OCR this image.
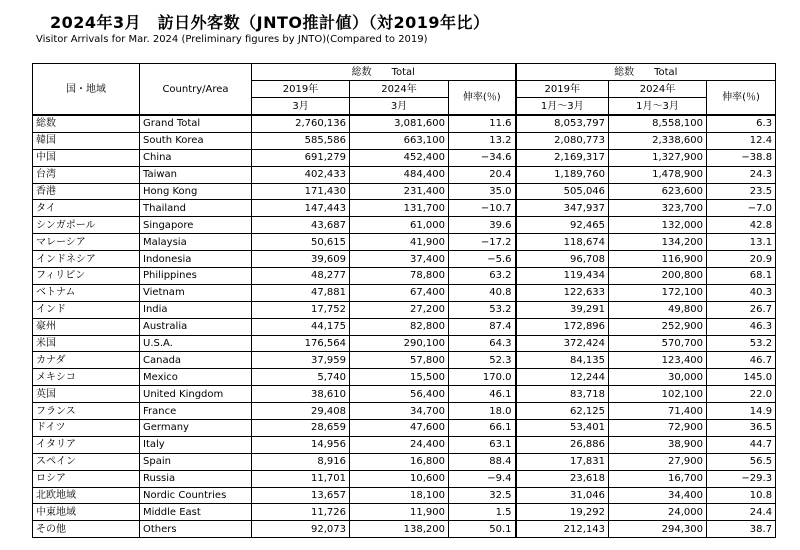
2024年3月　訪日外客数（JNTO推計値）（対2019年比）
Visitor Arrivals for Mar. 2024 (Preliminary figures by JNTO)(Compared to 2019)
国・地域	Country/Area	総数　　Total			総数　　Total		
		2019年	2024年	伸率(％)	2019年	2024年	伸率(％)
		3月	3月		1月～3月	1月～3月	
総数	Grand Total	2,760,136	3,081,600	11.6	8,053,797	8,558,100	6.3
韓国	South Korea	585,586	663,100	13.2	2,080,773	2,338,600	12.4
中国	China	691,279	452,400	−34.6	2,169,317	1,327,900	−38.8
台湾	Taiwan	402,433	484,400	20.4	1,189,760	1,478,900	24.3
香港	Hong Kong	171,430	231,400	35.0	505,046	623,600	23.5
タイ	Thailand	147,443	131,700	−10.7	347,937	323,700	−7.0
シンガポール	Singapore	43,687	61,000	39.6	92,465	132,000	42.8
マレーシア	Malaysia	50,615	41,900	−17.2	118,674	134,200	13.1
インドネシア	Indonesia	39,609	37,400	−5.6	96,708	116,900	20.9
フィリピン	Philippines	48,277	78,800	63.2	119,434	200,800	68.1
ベトナム	Vietnam	47,881	67,400	40.8	122,633	172,100	40.3
インド	India	17,752	27,200	53.2	39,291	49,800	26.7
豪州	Australia	44,175	82,800	87.4	172,896	252,900	46.3
米国	U.S.A.	176,564	290,100	64.3	372,424	570,700	53.2
カナダ	Canada	37,959	57,800	52.3	84,135	123,400	46.7
メキシコ	Mexico	5,740	15,500	170.0	12,244	30,000	145.0
英国	United Kingdom	38,610	56,400	46.1	83,718	102,100	22.0
フランス	France	29,408	34,700	18.0	62,125	71,400	14.9
ドイツ	Germany	28,659	47,600	66.1	53,401	72,900	36.5
イタリア	Italy	14,956	24,400	63.1	26,886	38,900	44.7
スペイン	Spain	8,916	16,800	88.4	17,831	27,900	56.5
ロシア	Russia	11,701	10,600	−9.4	23,618	16,700	−29.3
北欧地域	Nordic Countries	13,657	18,100	32.5	31,046	34,400	10.8
中東地域	Middle East	11,726	11,900	1.5	19,292	24,000	24.4
その他	Others	92,073	138,200	50.1	212,143	294,300	38.7
